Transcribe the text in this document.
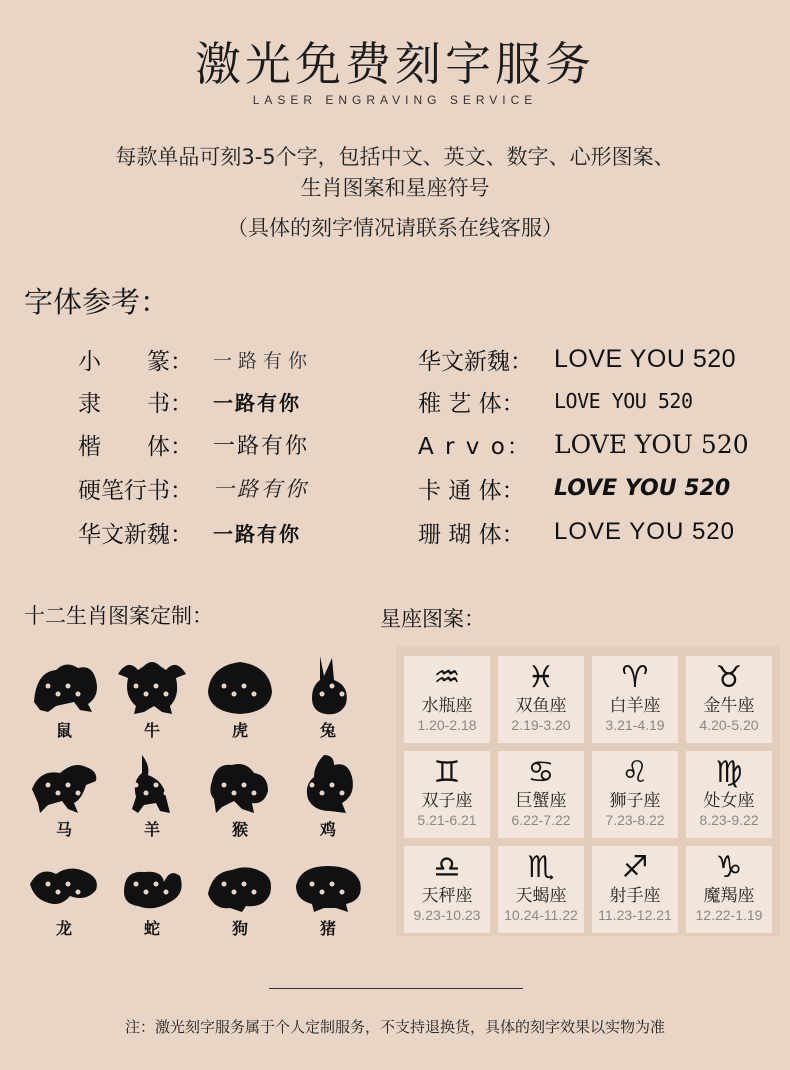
激光免费刻字服务
LASER ENGRAVING SERVICE
每款单品可刻3-5个字，包括中文、英文、数字、心形图案、
生肖图案和星座符号
（具体的刻字情况请联系在线客服）
字体参考：
小　　篆：	一路有你
隶　　书：	一路有你
楷　　体： 一路有你
硬笔行书： 一路有你
华文新魏：	一路有你
华文新魏： LOVE YOU 520
稚 艺 体：	LOVE YOU 520
A r v o： LOVE YOU 520
卡 通 体：	LOVE YOU 520
珊 瑚 体：	LOVE YOU 520
十二生肖图案定制：	星座图案：
鼠	牛	虎	兔
马	羊	猴	鸡
龙	蛇	狗	猪
♒
水瓶座
1.20-2.18
♓
双鱼座
2.19-3.20
♈
白羊座
3.21-4.19
♉
金牛座
4.20-5.20
♊
双子座
5.21-6.21
♋
巨蟹座
6.22-7.22
♌
狮子座
7.23-8.22
♍
处女座
8.23-9.22
♎
天秤座
9.23-10.23
♏
天蝎座
10.24-11.22
♐
射手座
11.23-12.21
♑
魔羯座
12.22-1.19
注：激光刻字服务属于个人定制服务，不支持退换货，具体的刻字效果以实物为准
